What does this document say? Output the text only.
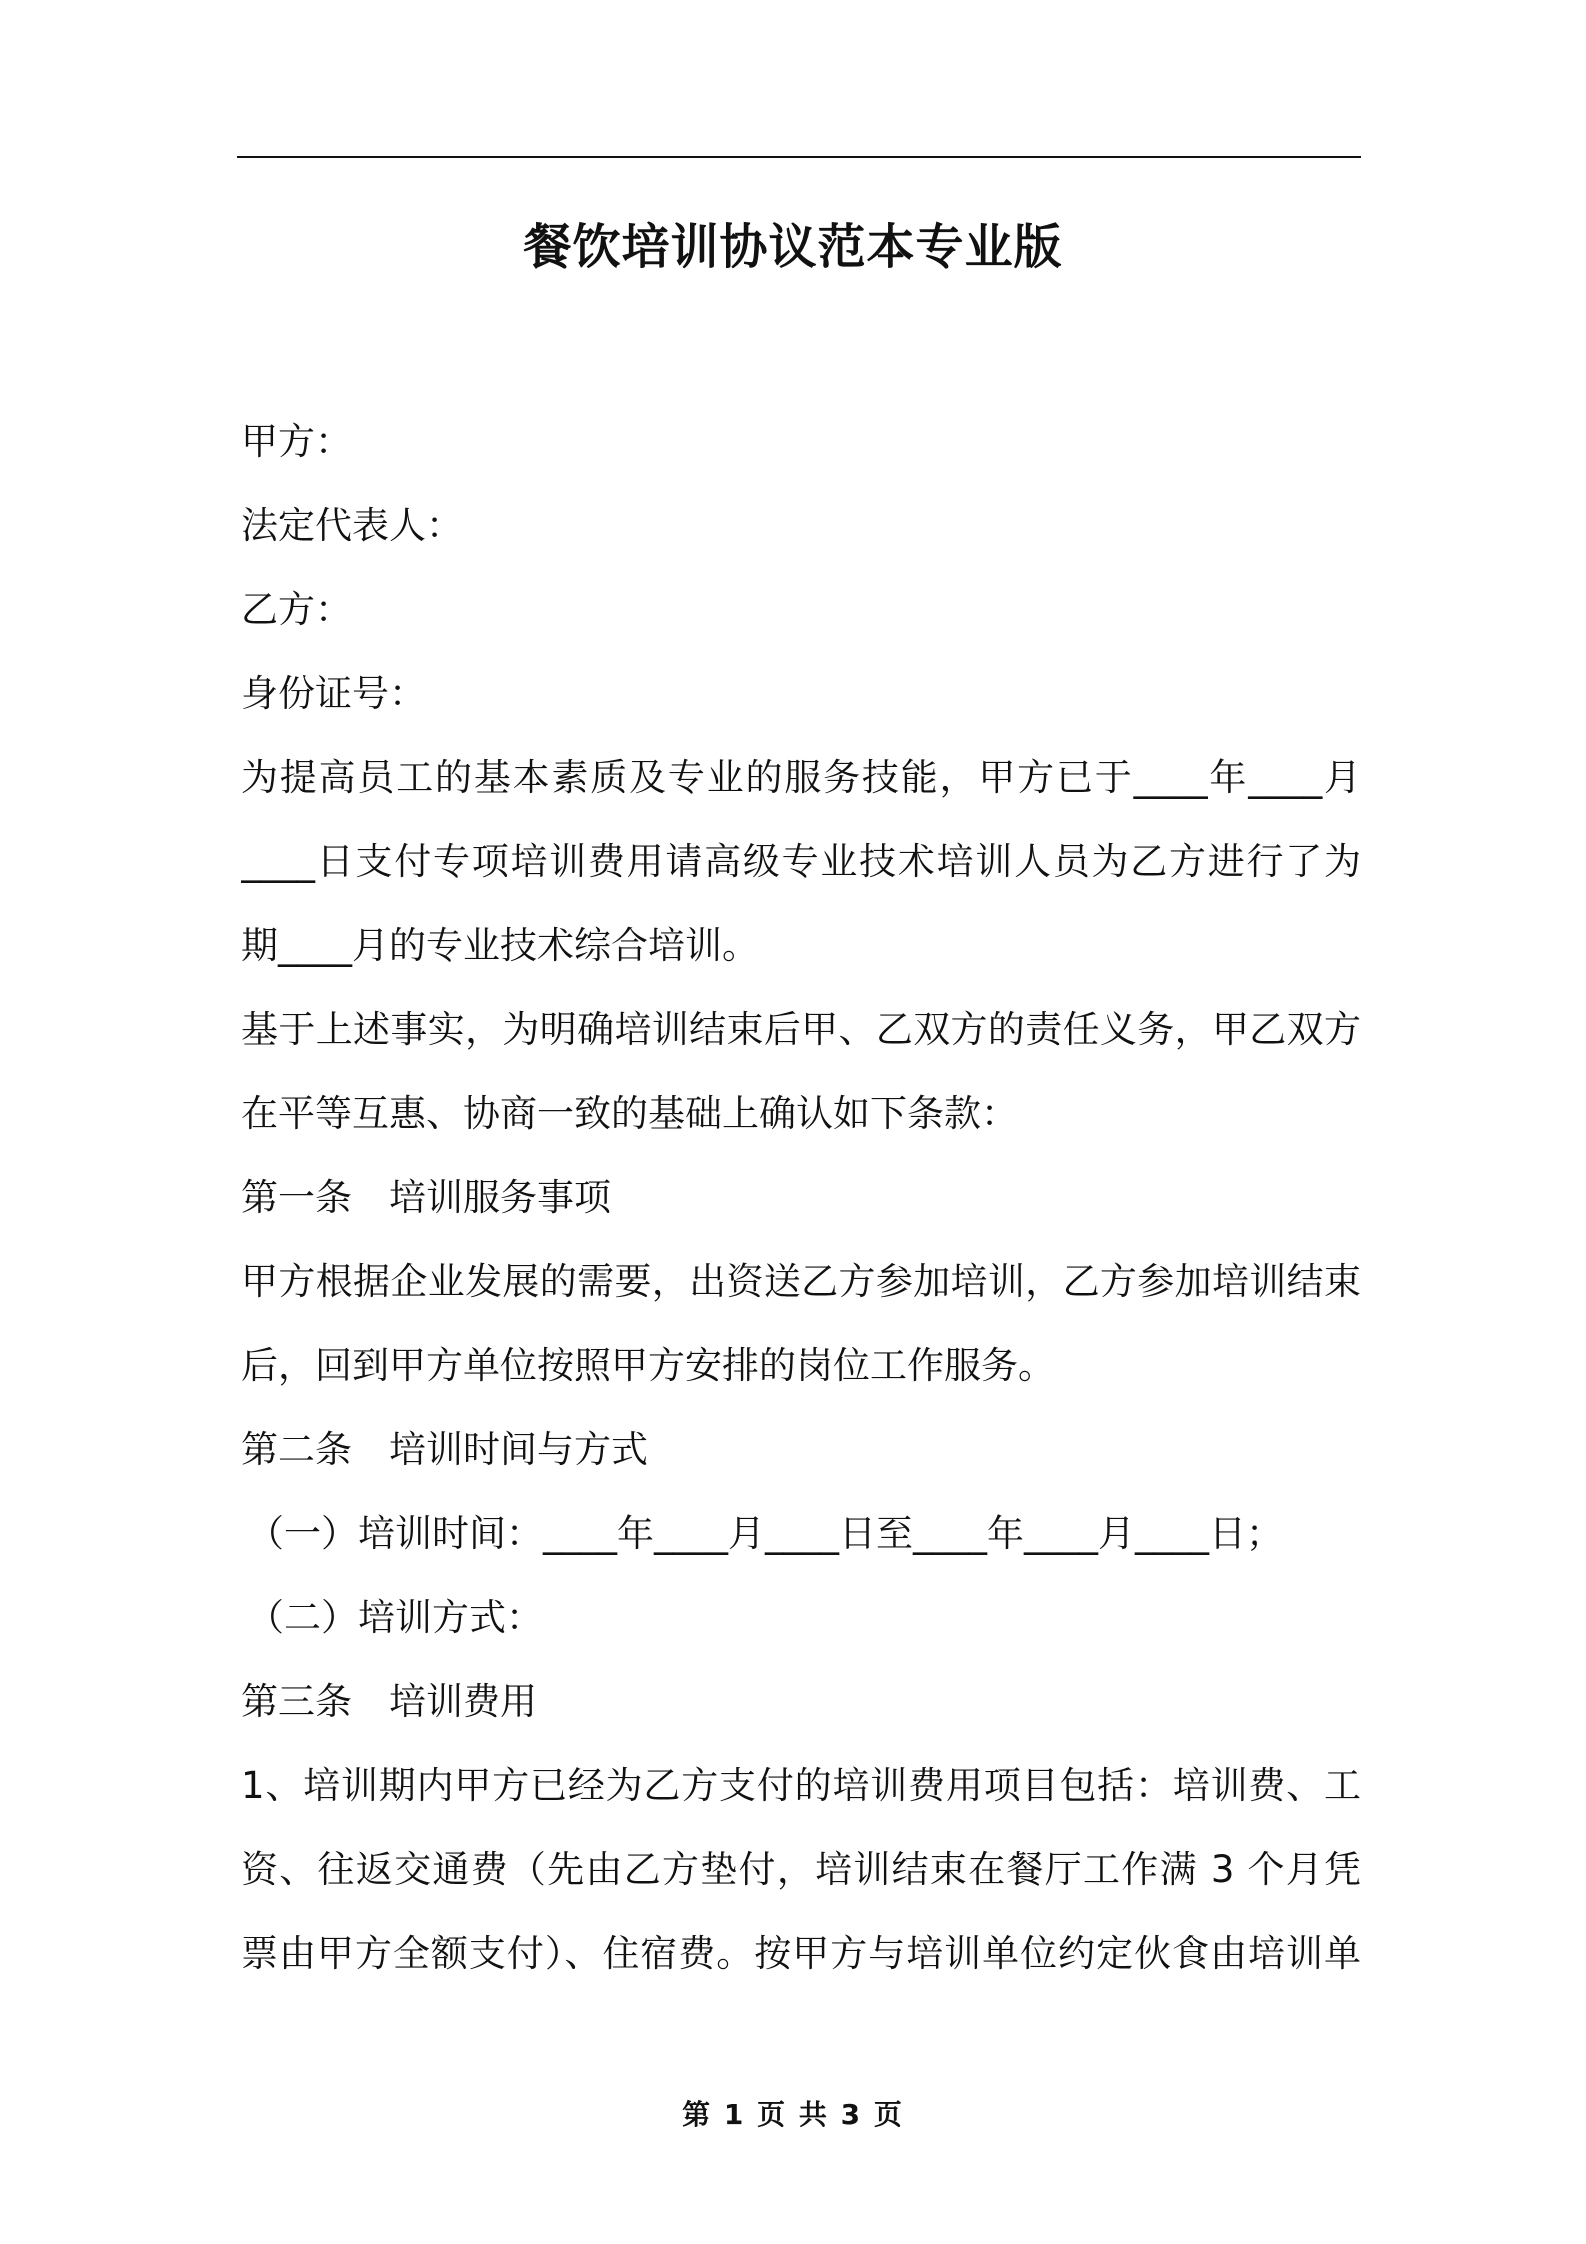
餐饮培训协议范本专业版
甲方：
法定代表人：
乙方：
身份证号：
为提高员工的基本素质及专业的服务技能，甲方已于____年____月
____日支付专项培训费用请高级专业技术培训人员为乙方进行了为
期____月的专业技术综合培训。
基于上述事实，为明确培训结束后甲、乙双方的责任义务，甲乙双方
在平等互惠、协商一致的基础上确认如下条款：
第一条　培训服务事项
甲方根据企业发展的需要，出资送乙方参加培训，乙方参加培训结束
后，回到甲方单位按照甲方安排的岗位工作服务。
第二条　培训时间与方式
（一）培训时间：____年____月____日至____年____月____日；
（二）培训方式：
第三条　培训费用
1、培训期内甲方已经为乙方支付的培训费用项目包括：培训费、工
资、往返交通费（先由乙方垫付，培训结束在餐厅工作满 3 个月凭
票由甲方全额支付）、住宿费。按甲方与培训单位约定伙食由培训单
第 1 页 共 3 页
